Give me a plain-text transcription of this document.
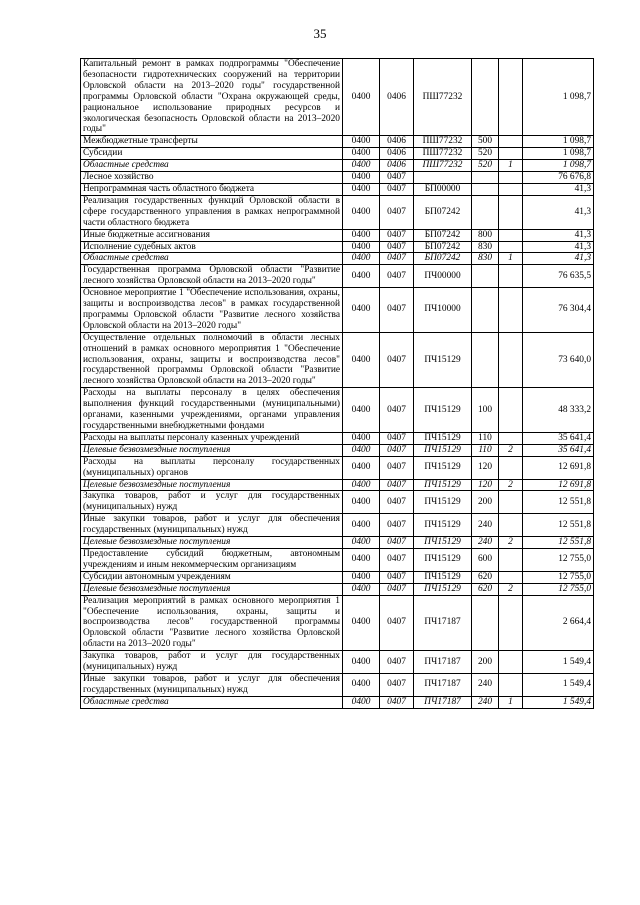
35
Капитальный ремонт в рамках подпрограммы "Обеспечение безопасности гидротехнических сооружений на территории Орловской области на 2013–2020 годы" государственной программы Орловской области "Охрана окружающей среды, рациональное использование природных ресурсов и экологическая безопасность Орловской области на 2013–2020 годы"	0400	0406	ПШ77232			1 098,7
Межбюджетные трансферты	0400	0406	ПШ77232	500		1 098,7
Субсидии	0400	0406	ПШ77232	520		1 098,7
Областные средства	0400	0406	ПШ77232	520	1	1 098,7
Лесное хозяйство	0400	0407				76 676,8
Непрограммная часть областного бюджета	0400	0407	БП00000			41,3
Реализация государственных функций Орловской области в сфере государственного управления в рамках непрограммной части областного бюджета	0400	0407	БП07242			41,3
Иные бюджетные ассигнования	0400	0407	БП07242	800		41,3
Исполнение судебных актов	0400	0407	БП07242	830		41,3
Областные средства	0400	0407	БП07242	830	1	41,3
Государственная программа Орловской области "Развитие лесного хозяйства Орловской области на 2013–2020 годы"	0400	0407	ПЧ00000			76 635,5
Основное мероприятие 1 "Обеспечение использования, охраны, защиты и воспроизводства лесов" в рамках государственной программы Орловской области "Развитие лесного хозяйства Орловской области на 2013–2020 годы"	0400	0407	ПЧ10000			76 304,4
Осуществление отдельных полномочий в области лесных отношений в рамках основного мероприятия 1 "Обеспечение использования, охраны, защиты и воспроизводства лесов" государственной программы Орловской области "Развитие лесного хозяйства Орловской области на 2013–2020 годы"	0400	0407	ПЧ15129			73 640,0
Расходы на выплаты персоналу в целях обеспечения выполнения функций государственными (муниципальными) органами, казенными учреждениями, органами управления государственными внебюджетными фондами	0400	0407	ПЧ15129	100		48 333,2
Расходы на выплаты персоналу казенных учреждений	0400	0407	ПЧ15129	110		35 641,4
Целевые безвозмездные поступления	0400	0407	ПЧ15129	110	2	35 641,4
Расходы на выплаты персоналу государственных (муниципальных) органов	0400	0407	ПЧ15129	120		12 691,8
Целевые безвозмездные поступления	0400	0407	ПЧ15129	120	2	12 691,8
Закупка товаров, работ и услуг для государственных (муниципальных) нужд	0400	0407	ПЧ15129	200		12 551,8
Иные закупки товаров, работ и услуг для обеспечения государственных (муниципальных) нужд	0400	0407	ПЧ15129	240		12 551,8
Целевые безвозмездные поступления	0400	0407	ПЧ15129	240	2	12 551,8
Предоставление субсидий бюджетным, автономным учреждениям и иным некоммерческим организациям	0400	0407	ПЧ15129	600		12 755,0
Субсидии автономным учреждениям	0400	0407	ПЧ15129	620		12 755,0
Целевые безвозмездные поступления	0400	0407	ПЧ15129	620	2	12 755,0
Реализация мероприятий в рамках основного мероприятия 1 "Обеспечение использования, охраны, защиты и воспроизводства лесов" государственной программы Орловской области "Развитие лесного хозяйства Орловской области на 2013–2020 годы"	0400	0407	ПЧ17187			2 664,4
Закупка товаров, работ и услуг для государственных (муниципальных) нужд	0400	0407	ПЧ17187	200		1 549,4
Иные закупки товаров, работ и услуг для обеспечения государственных (муниципальных) нужд	0400	0407	ПЧ17187	240		1 549,4
Областные средства	0400	0407	ПЧ17187	240	1	1 549,4
